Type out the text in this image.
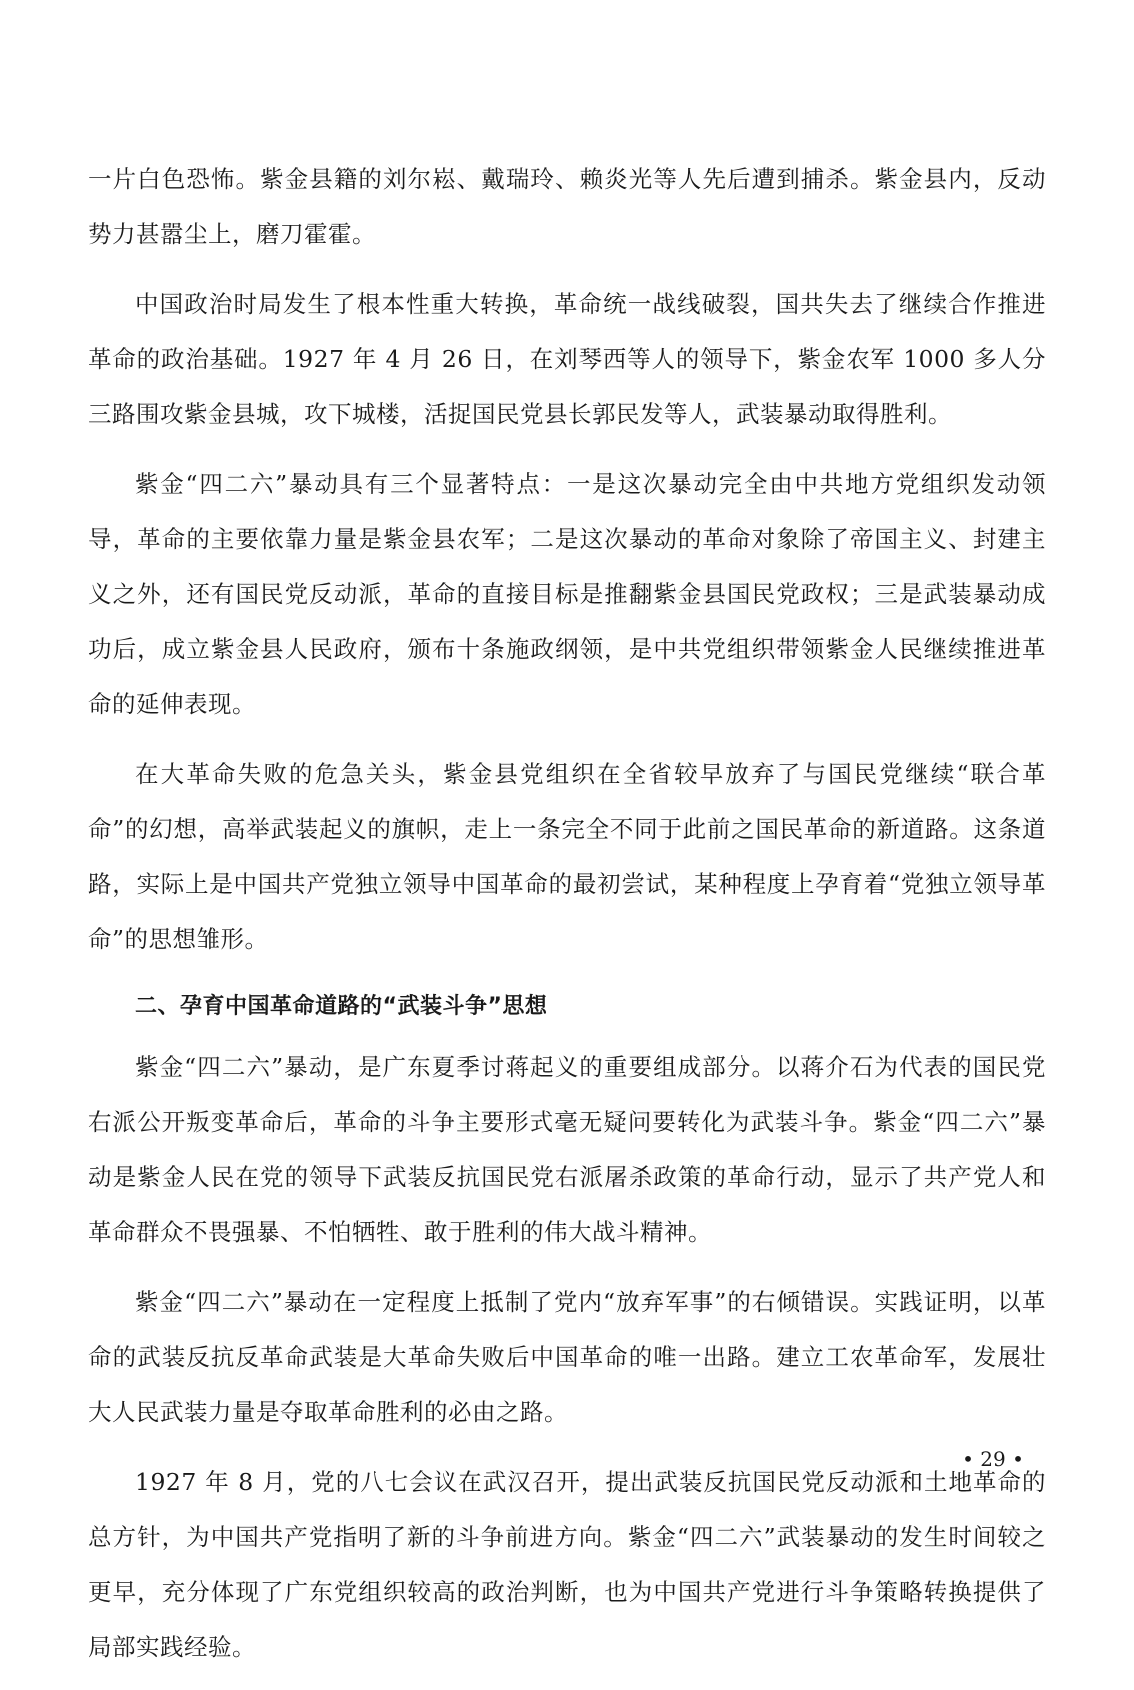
一片白色恐怖。紫金县籍的刘尔崧、戴瑞玲、赖炎光等人先后遭到捕杀。紫金县内，反动势力甚嚣尘上，磨刀霍霍。

中国政治时局发生了根本性重大转换，革命统一战线破裂，国共失去了继续合作推进革命的政治基础。1927 年 4 月 26 日，在刘琴西等人的领导下，紫金农军 1000 多人分三路围攻紫金县城，攻下城楼，活捉国民党县长郭民发等人，武装暴动取得胜利。

紫金“四二六”暴动具有三个显著特点：一是这次暴动完全由中共地方党组织发动领导，革命的主要依靠力量是紫金县农军；二是这次暴动的革命对象除了帝国主义、封建主义之外，还有国民党反动派，革命的直接目标是推翻紫金县国民党政权；三是武装暴动成功后，成立紫金县人民政府，颁布十条施政纲领，是中共党组织带领紫金人民继续推进革命的延伸表现。

在大革命失败的危急关头，紫金县党组织在全省较早放弃了与国民党继续“联合革命”的幻想，高举武装起义的旗帜，走上一条完全不同于此前之国民革命的新道路。这条道路，实际上是中国共产党独立领导中国革命的最初尝试，某种程度上孕育着“党独立领导革命”的思想雏形。

二、孕育中国革命道路的“武装斗争”思想

紫金“四二六”暴动，是广东夏季讨蒋起义的重要组成部分。以蒋介石为代表的国民党右派公开叛变革命后，革命的斗争主要形式毫无疑问要转化为武装斗争。紫金“四二六”暴动是紫金人民在党的领导下武装反抗国民党右派屠杀政策的革命行动，显示了共产党人和革命群众不畏强暴、不怕牺牲、敢于胜利的伟大战斗精神。

紫金“四二六”暴动在一定程度上抵制了党内“放弃军事”的右倾错误。实践证明，以革命的武装反抗反革命武装是大革命失败后中国革命的唯一出路。建立工农革命军，发展壮大人民武装力量是夺取革命胜利的必由之路。

1927 年 8 月，党的八七会议在武汉召开，提出武装反抗国民党反动派和土地革命的总方针，为中国共产党指明了新的斗争前进方向。紫金“四二六”武装暴动的发生时间较之更早，充分体现了广东党组织较高的政治判断，也为中国共产党进行斗争策略转换提供了局部实践经验。

• 29 •
